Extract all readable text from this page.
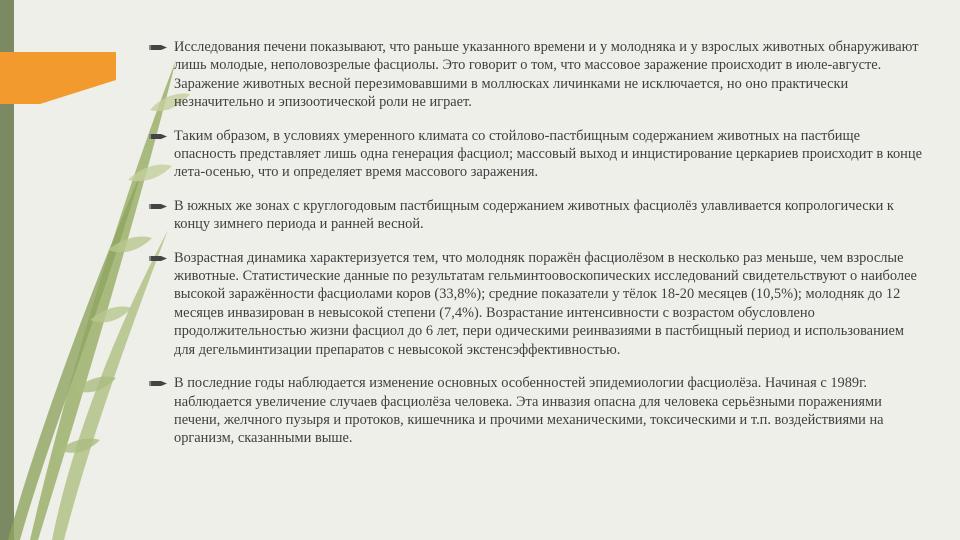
Исследования печени показывают, что раньше указанного времени и у молодняка и у взрослых животных обнаруживают лишь молодые, неполовозрелые фасциолы. Это говорит о том, что массовое заражение происходит в июле-августе. Заражение животных весной перезимовавшими в моллюсках личинками не исключается, но оно практически незначительно и эпизоотической роли не играет.
Таким образом, в условиях умеренного климата со стойлово-пастбищным содержанием животных на пастбище опасность представляет лишь одна генерация фасциол; массовый выход и инцистирование церкариев происходит в конце лета-осенью, что и определяет время массового заражения.
В южных же зонах с круглогодовым пастбищным содержанием животных фасциолёз улавливается копрологически к концу зимнего периода и ранней весной.
Возрастная динамика характеризуется тем, что молодняк поражён фасциолёзом в несколько раз меньше, чем взрослые животные. Статистические данные по результатам гельминтоовоскопических исследований свидетельствуют о наиболее высокой заражённости фасциолами коров (33,8%); средние показатели у тёлок 18-20 месяцев (10,5%); молодняк до 12 месяцев инвазирован в невысокой степени (7,4%). Возрастание интенсивности с возрастом обусловлено продолжительностью жизни фасциол до 6 лет, пери одическими реинвазиями в пастбищный период и использованием для дегельминтизации препаратов с невысокой экстенсэффективностью.
В последние годы наблюдается изменение основных особенностей эпидемиологии фасциолёза. Начиная с 1989г. наблюдается увеличение случаев фасциолёза человека. Эта инвазия опасна для человека серьёзными поражениями печени, желчного пузыря и протоков, кишечника и прочими механическими, токсическими и т.п. воздействиями на организм, сказанными выше.
